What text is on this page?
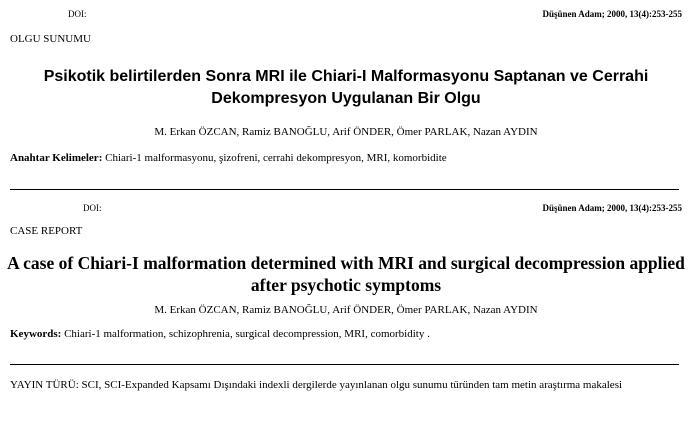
DOI:	Düşünen Adam; 2000, 13(4):253-255
OLGU SUNUMU
Psikotik belirtilerden Sonra MRI ile Chiari-I Malformasyonu Saptanan ve Cerrahi
Dekompresyon Uygulanan Bir Olgu
M. Erkan ÖZCAN, Ramiz BANOĞLU, Arif ÖNDER, Ömer PARLAK, Nazan AYDIN
Anahtar Kelimeler: Chiari-1 malformasyonu, şizofreni, cerrahi dekompresyon, MRI, komorbidite
DOI:	Düşünen Adam; 2000, 13(4):253-255
CASE REPORT
A case of Chiari-I malformation determined with MRI and surgical decompression applied
after psychotic symptoms
M. Erkan ÖZCAN, Ramiz BANOĞLU, Arif ÖNDER, Ömer PARLAK, Nazan AYDIN
Keywords: Chiari-1 malformation, schizophrenia, surgical decompression, MRI, comorbidity .
YAYIN TÜRÜ: SCI, SCI-Expanded Kapsamı Dışındaki indexli dergilerde yayınlanan olgu sunumu türünden tam metin araştırma makalesi
